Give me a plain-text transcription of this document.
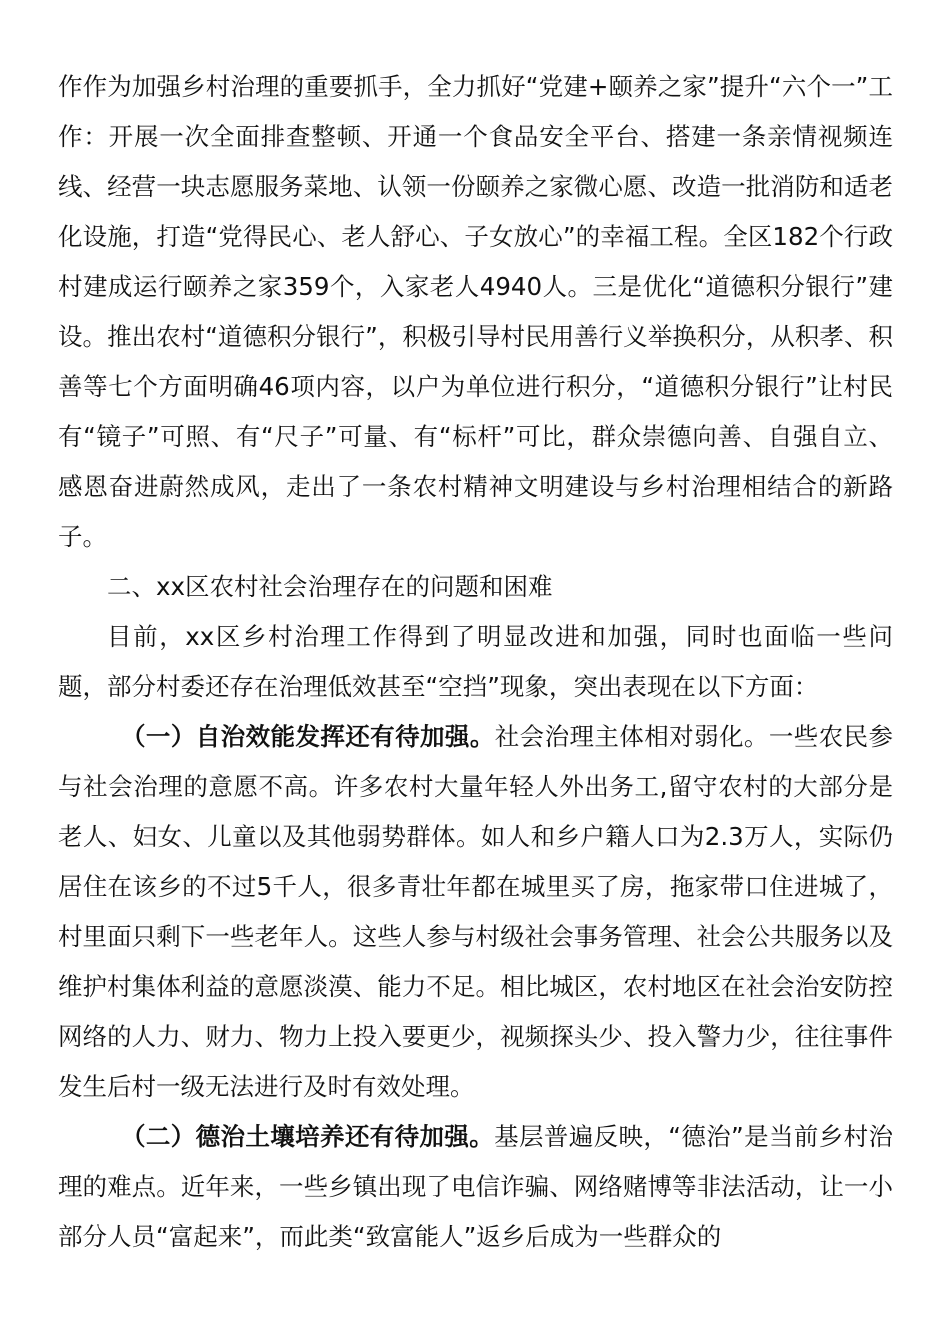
作作为加强乡村治理的重要抓手，全力抓好“党建+颐养之家”提升“六个一”工作：开展一次全面排查整顿、开通一个食品安全平台、搭建一条亲情视频连线、经营一块志愿服务菜地、认领一份颐养之家微心愿、改造一批消防和适老化设施，打造“党得民心、老人舒心、子女放心”的幸福工程。全区182个行政村建成运行颐养之家359个，入家老人4940人。三是优化“道德积分银行”建设。推出农村“道德积分银行”，积极引导村民用善行义举换积分，从积孝、积善等七个方面明确46项内容，以户为单位进行积分，“道德积分银行”让村民有“镜子”可照、有“尺子”可量、有“标杆”可比，群众崇德向善、自强自立、感恩奋进蔚然成风，走出了一条农村精神文明建设与乡村治理相结合的新路子。

二、xx区农村社会治理存在的问题和困难

目前，xx区乡村治理工作得到了明显改进和加强，同时也面临一些问题，部分村委还存在治理低效甚至“空挡”现象，突出表现在以下方面：

（一）自治效能发挥还有待加强。社会治理主体相对弱化。一些农民参与社会治理的意愿不高。许多农村大量年轻人外出务工,留守农村的大部分是老人、妇女、儿童以及其他弱势群体。如人和乡户籍人口为2.3万人，实际仍居住在该乡的不过5千人，很多青壮年都在城里买了房，拖家带口住进城了，村里面只剩下一些老年人。这些人参与村级社会事务管理、社会公共服务以及维护村集体利益的意愿淡漠、能力不足。相比城区，农村地区在社会治安防控网络的人力、财力、物力上投入要更少，视频探头少、投入警力少，往往事件发生后村一级无法进行及时有效处理。

（二）德治土壤培养还有待加强。基层普遍反映，“德治”是当前乡村治理的难点。近年来，一些乡镇出现了电信诈骗、网络赌博等非法活动，让一小部分人员“富起来”，而此类“致富能人”返乡后成为一些群众的
